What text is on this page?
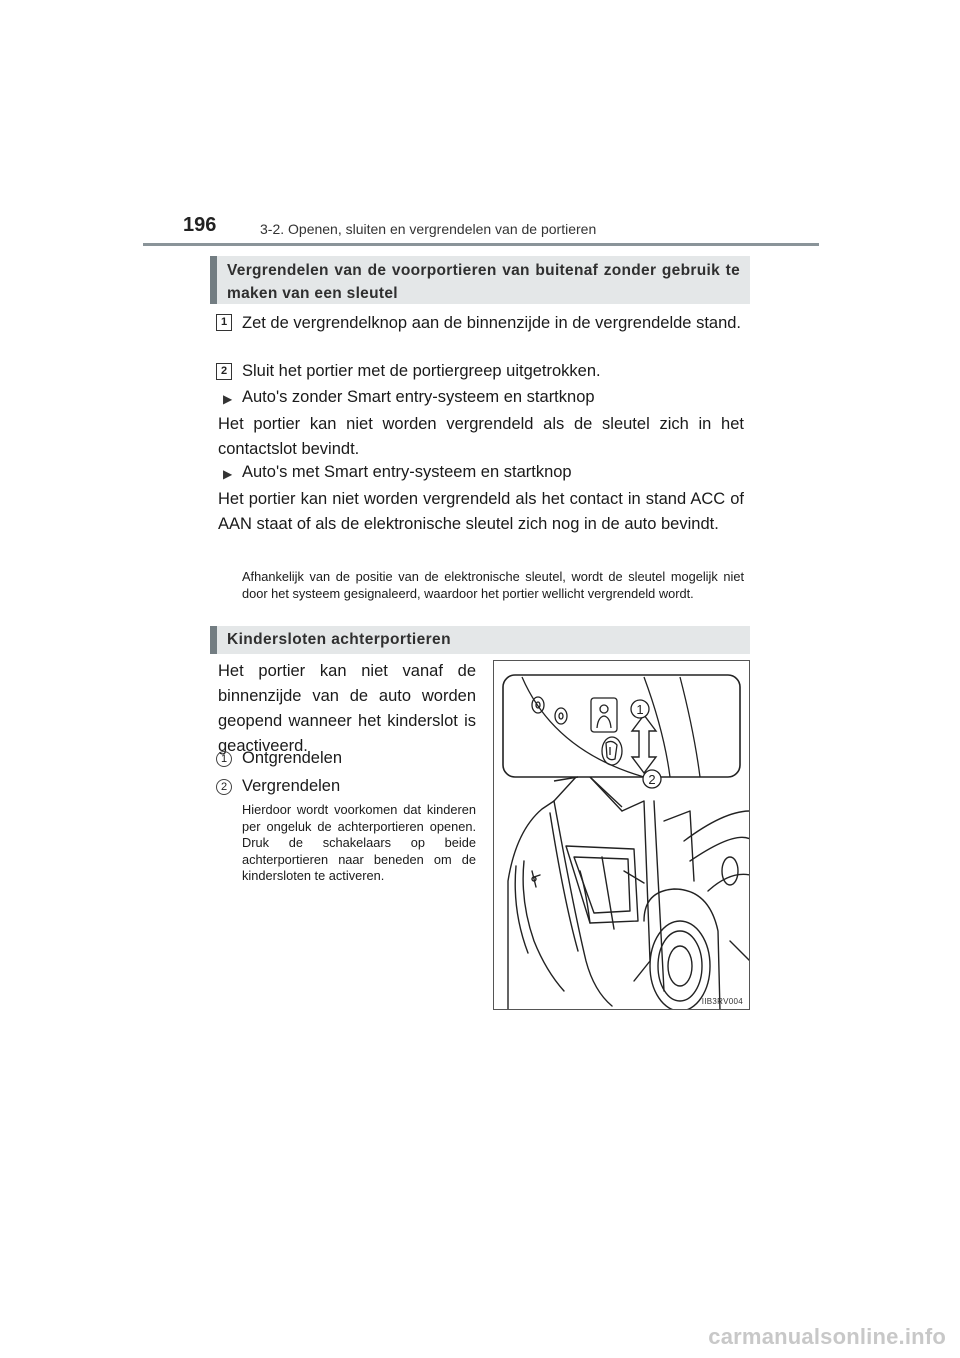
196	3-2. Openen, sluiten en vergrendelen van de portieren
Vergrendelen van de voorportieren van buitenaf zonder gebruik te maken van een sleutel
1 Zet de vergrendelknop aan de binnenzijde in de vergrendelde stand.
2 Sluit het portier met de portiergreep uitgetrokken.
▶ Auto's zonder Smart entry-systeem en startknop
Het portier kan niet worden vergrendeld als de sleutel zich in het contactslot bevindt.
▶ Auto's met Smart entry-systeem en startknop
Het portier kan niet worden vergrendeld als het contact in stand ACC of AAN staat of als de elektronische sleutel zich nog in de auto bevindt.
Afhankelijk van de positie van de elektronische sleutel, wordt de sleutel mogelijk niet door het systeem gesignaleerd, waardoor het portier wellicht vergrendeld wordt.
Kindersloten achterportieren
Het portier kan niet vanaf de binnenzijde van de auto worden geopend wanneer het kinderslot is geactiveerd.
1 Ontgrendelen
2 Vergrendelen
Hierdoor wordt voorkomen dat kinderen per ongeluk de achterportieren openen. Druk de schakelaars op beide achterportieren naar beneden om de kindersloten te activeren.
1
2
IIB3RV004
carmanualsonline.info
